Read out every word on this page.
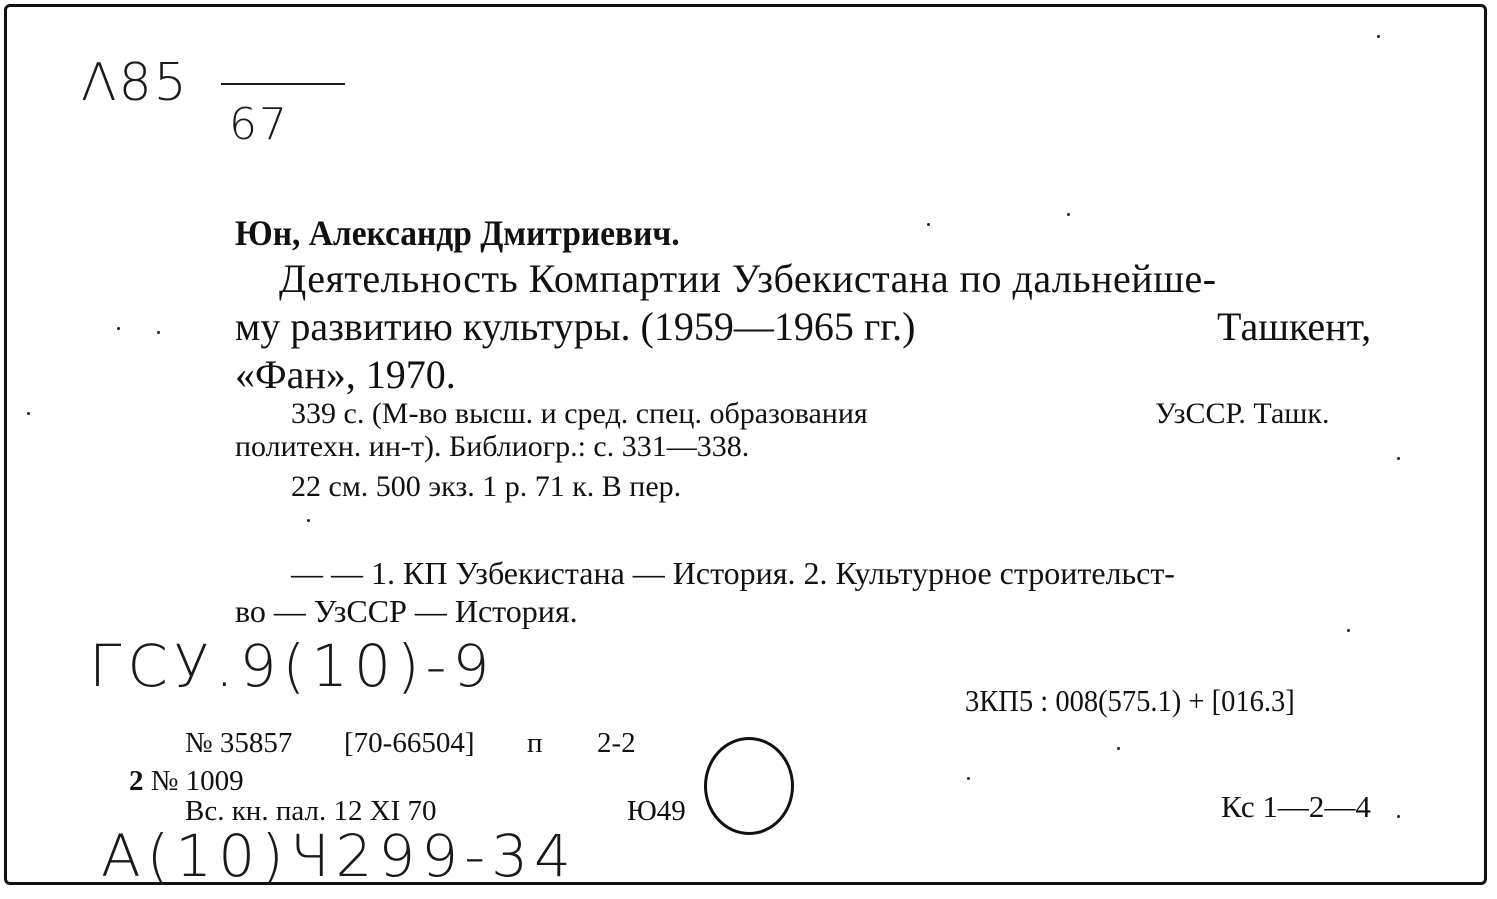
Λ85
67
Юн, Александр Дмитриевич.
Деятельность Компартии Узбекистана по дальнейше-
му развитию культуры. (1959—1965 гг.)	Ташкент,
«Фан», 1970.
339 с. (М-во высш. и сред. спец. образования	УзССР. Ташк.
политехн. ин-т). Библиогр.: с. 331—338.
22 см. 500 экз. 1 р. 71 к. В пер.
— — 1. КП Узбекистана — История. 2. Культурное строительст-
во — УзССР — История.
ГСУ.9(10)-9
3КП5 : 008(575.1) + [016.3]
№ 35857 [70-66504] п 2-2
2 № 1009
Вс. кн. пал. 12 XI 70	Ю49	Кс 1—2—4
А(10)Ч299-34
